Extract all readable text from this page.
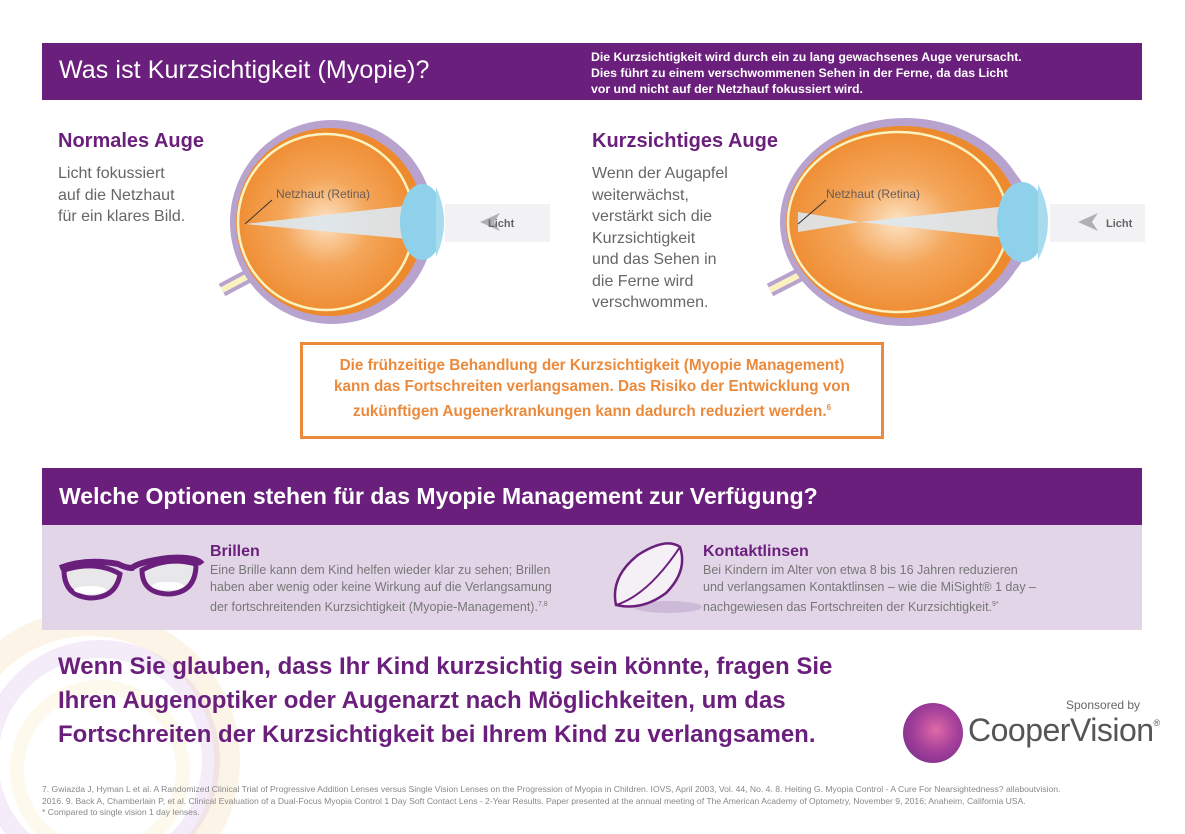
Was ist Kurzsichtigkeit (Myopie)?	Die Kurzsichtigkeit wird durch ein zu lang gewachsenes Auge verursacht.
Dies führt zu einem verschwommenen Sehen in der Ferne, da das Licht
vor und nicht auf der Netzhauf fokussiert wird.
Normales Auge
Licht fokussiert
auf die Netzhaut
für ein klares Bild.
Netzhaut (Retina)
Licht
Kurzsichtiges Auge
Wenn der Augapfel
weiterwächst,
verstärkt sich die
Kurzsichtigkeit
und das Sehen in
die Ferne wird
verschwommen.
Netzhaut (Retina)
Licht
Die frühzeitige Behandlung der Kurzsichtigkeit (Myopie Management)
kann das Fortschreiten verlangsamen. Das Risiko der Entwicklung von
zukünftigen Augenerkrankungen kann dadurch reduziert werden.$^6$
Welche Optionen stehen für das Myopie Management zur Verfügung?
Brillen
Eine Brille kann dem Kind helfen wieder klar zu sehen; Brillen
haben aber wenig oder keine Wirkung auf die Verlangsamung
der fortschreitenden Kurzsichtigkeit (Myopie-Management).$^{7,8}$
Kontaktlinsen
Bei Kindern im Alter von etwa 8 bis 16 Jahren reduzieren
und verlangsamen Kontaktlinsen – wie die MiSight® 1 day –
nachgewiesen das Fortschreiten der Kurzsichtigkeit.$^{9*}$
Wenn Sie glauben, dass Ihr Kind kurzsichtig sein könnte, fragen Sie
Ihren Augenoptiker oder Augenarzt nach Möglichkeiten, um das
Fortschreiten der Kurzsichtigkeit bei Ihrem Kind zu verlangsamen.
Sponsored by
CooperVision®
7. Gwiazda J, Hyman L et al. A Randomized Clinical Trial of Progressive Addition Lenses versus Single Vision Lenses on the Progression of Myopia in Children. IOVS, April 2003, Vol. 44, No. 4. 8. Heiting G. Myopia Control - A Cure For Nearsightedness? allaboutvision.
2016. 9. Back A, Chamberlain P, et al. Clinical Evaluation of a Dual-Focus Myopia Control 1 Day Soft Contact Lens - 2-Year Results. Paper presented at the annual meeting of The American Academy of Optometry, November 9, 2016; Anaheim, California USA.
* Compared to single vision 1 day lenses.
